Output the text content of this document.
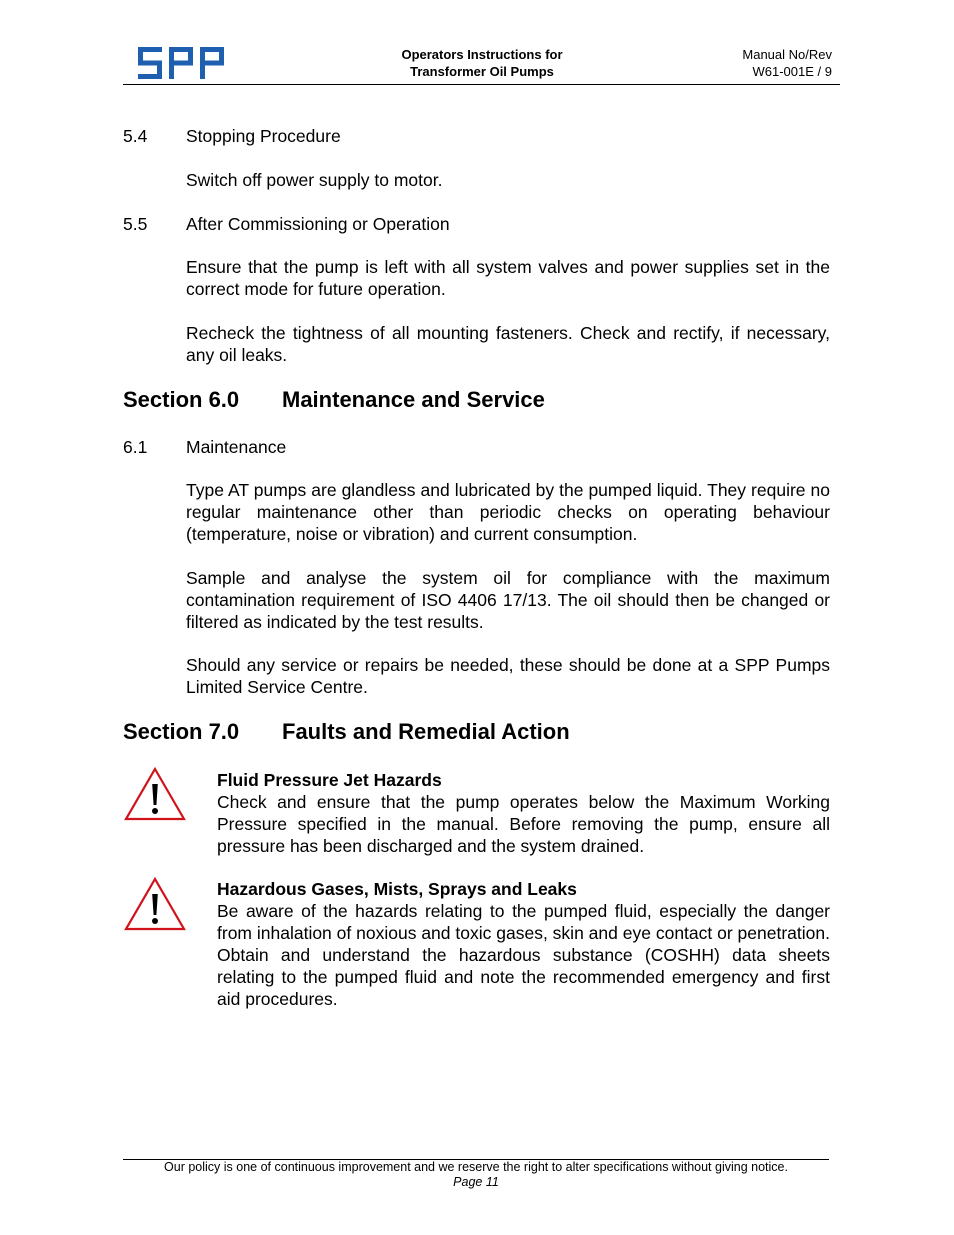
Operators Instructions for
Transformer Oil Pumps
Manual No/Rev
W61-001E / 9
5.4 Stopping Procedure
Switch off power supply to motor.
5.5 After Commissioning or Operation
Ensure that the pump is left with all system valves and power supplies set in the correct mode for future operation.
Recheck the tightness of all mounting fasteners. Check and rectify, if necessary, any oil leaks.
Section 6.0 Maintenance and Service
6.1 Maintenance
Type AT pumps are glandless and lubricated by the pumped liquid. They require no regular maintenance other than periodic checks on operating behaviour (temperature, noise or vibration) and current consumption.
Sample and analyse the system oil for compliance with the maximum contamination requirement of ISO 4406 17/13. The oil should then be changed or filtered as indicated by the test results.
Should any service or repairs be needed, these should be done at a SPP Pumps Limited Service Centre.
Section 7.0 Faults and Remedial Action
Fluid Pressure Jet Hazards
Check and ensure that the pump operates below the Maximum Working Pressure specified in the manual. Before removing the pump, ensure all pressure has been discharged and the system drained.
Hazardous Gases, Mists, Sprays and Leaks
Be aware of the hazards relating to the pumped fluid, especially the danger from inhalation of noxious and toxic gases, skin and eye contact or penetration. Obtain and understand the hazardous substance (COSHH) data sheets relating to the pumped fluid and note the recommended emergency and first aid procedures.
Our policy is one of continuous improvement and we reserve the right to alter specifications without giving notice.
Page 11
